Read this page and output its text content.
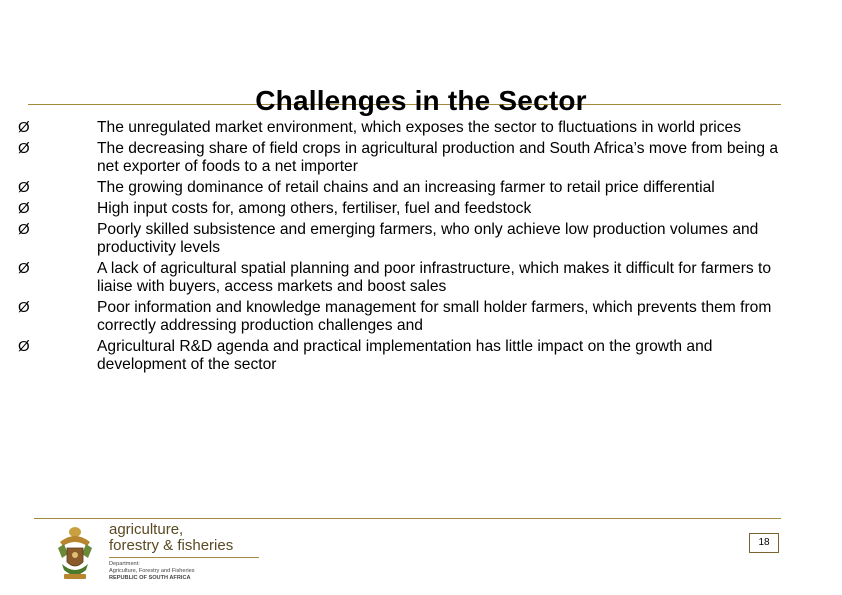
Challenges in the Sector
Ø	The unregulated market environment, which exposes the sector to fluctuations in world prices
Ø	The decreasing share of field crops in agricultural production and South Africa’s move from being a net exporter of foods to a net importer
Ø	The growing dominance of retail chains and an increasing farmer to retail price differential
Ø	High input costs for, among others, fertiliser, fuel and feedstock
Ø	Poorly skilled subsistence and emerging farmers, who only achieve low production volumes and productivity levels
Ø	A lack of agricultural spatial planning and poor infrastructure, which makes it difficult for farmers to liaise with buyers, access markets and boost sales
Ø	Poor information and knowledge management for small holder farmers, which prevents them from correctly addressing production challenges and
Ø	Agricultural R&D agenda and practical implementation has little impact on the growth and development of the sector
agriculture,
forestry & fisheries
Department:
Agriculture, Forestry and Fisheries
REPUBLIC OF SOUTH AFRICA
18
